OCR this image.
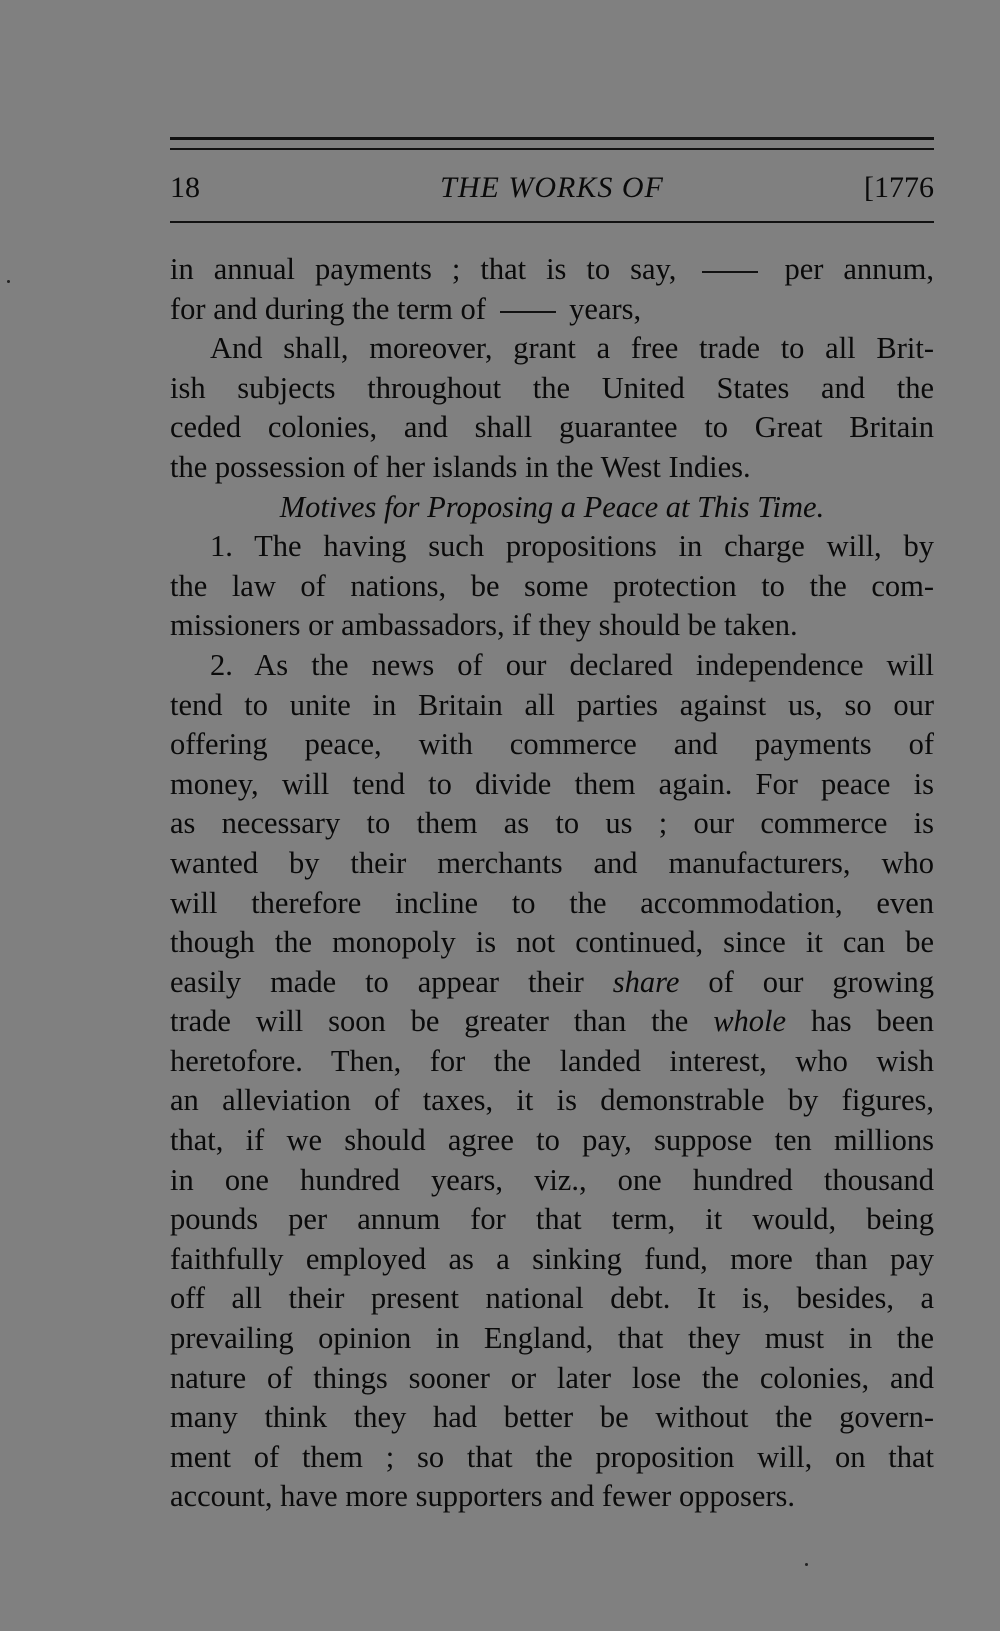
18	THE WORKS OF	[1776
in annual payments ; that is to say,	per annum,
for and during the term of	years,
And shall, moreover, grant a free trade to all Brit-
ish subjects throughout the United States and the
ceded colonies, and shall guarantee to Great Britain
the possession of her islands in the West Indies.
Motives for Proposing a Peace at This Time.
1. The having such propositions in charge will, by
the law of nations, be some protection to the com-
missioners or ambassadors, if they should be taken.
2. As the news of our declared independence will
tend to unite in Britain all parties against us, so our
offering peace, with commerce and payments of
money, will tend to divide them again. For peace is
as necessary to them as to us ; our commerce is
wanted by their merchants and manufacturers, who
will therefore incline to the accommodation, even
though the monopoly is not continued, since it can be
easily made to appear their share of our growing
trade will soon be greater than the whole has been
heretofore. Then, for the landed interest, who wish
an alleviation of taxes, it is demonstrable by figures,
that, if we should agree to pay, suppose ten millions
in one hundred years, viz., one hundred thousand
pounds per annum for that term, it would, being
faithfully employed as a sinking fund, more than pay
off all their present national debt. It is, besides, a
prevailing opinion in England, that they must in the
nature of things sooner or later lose the colonies, and
many think they had better be without the govern-
ment of them ; so that the proposition will, on that
account, have more supporters and fewer opposers.
